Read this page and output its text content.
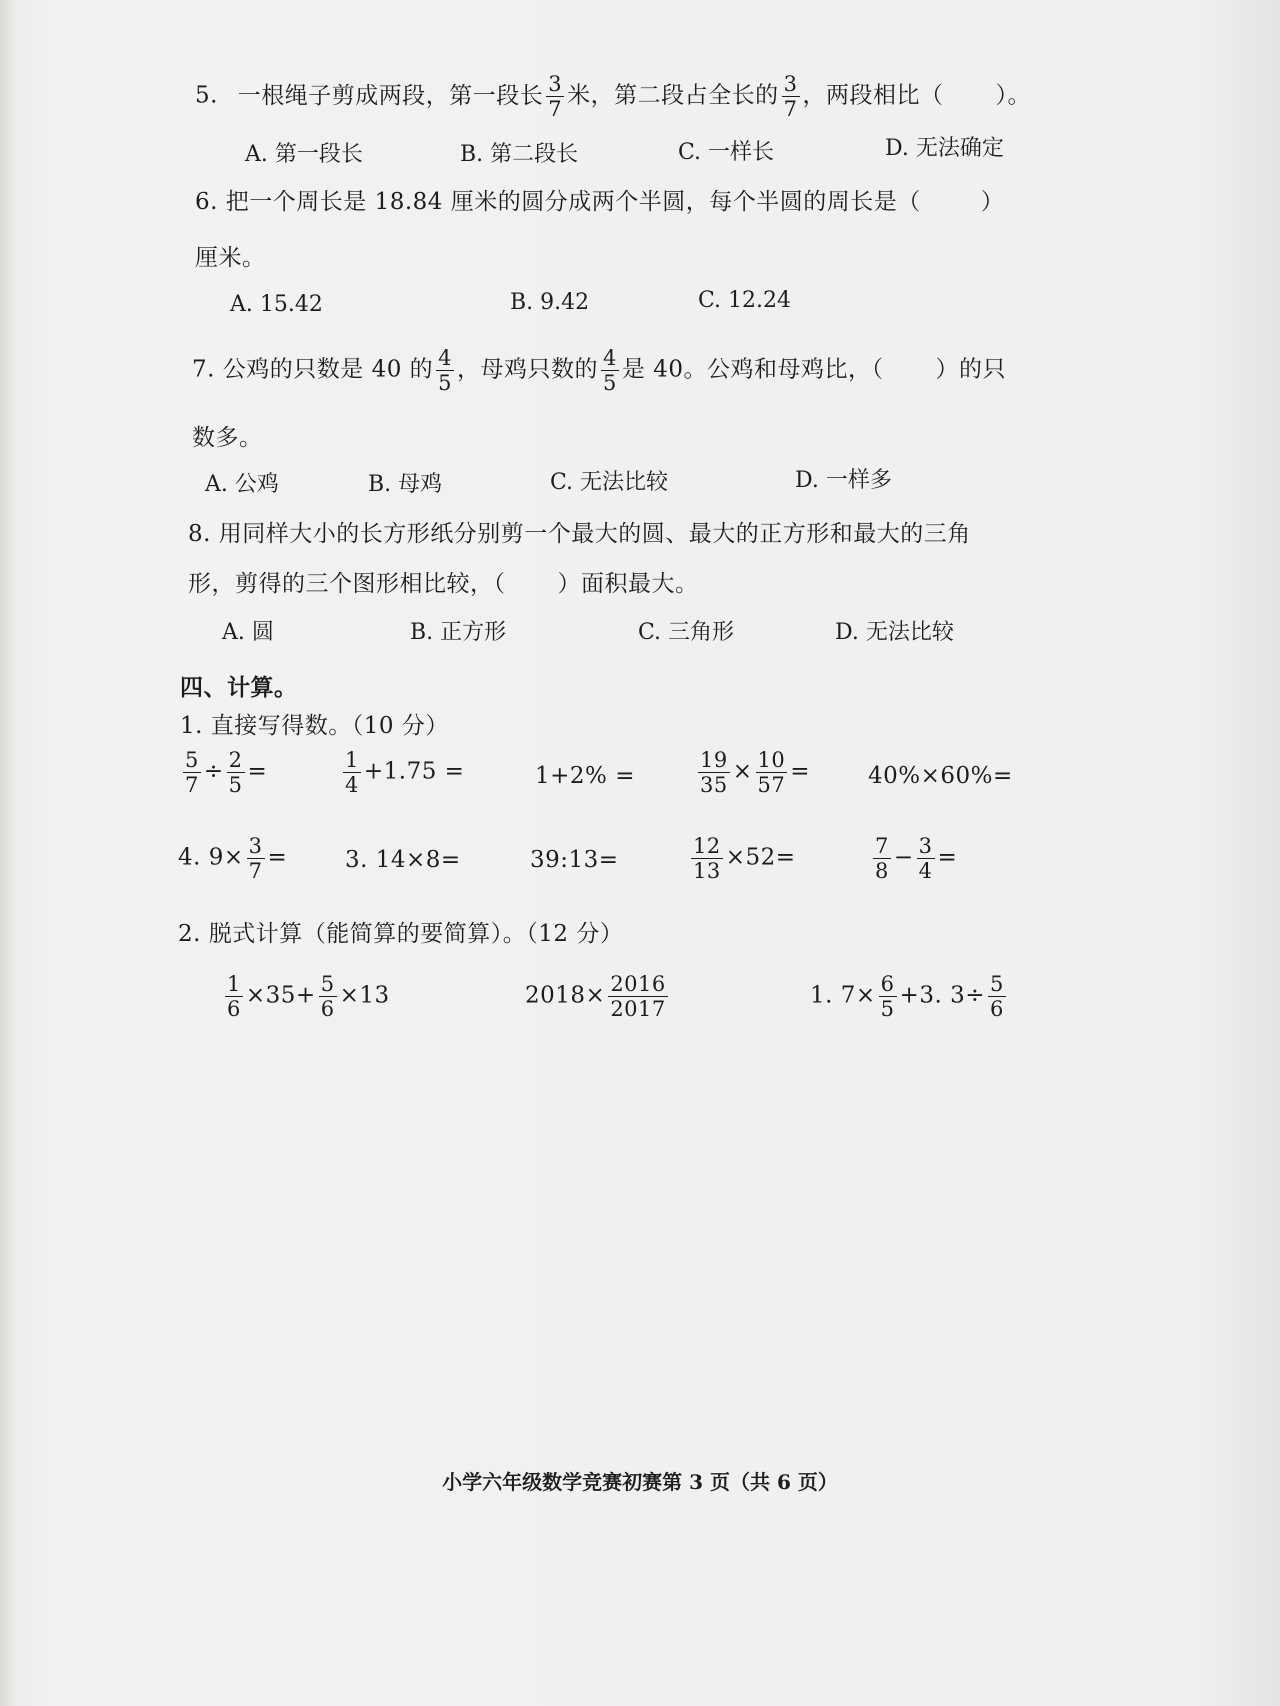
5. 一根绳子剪成两段，第一段长 $\frac{3}{7}$ 米，第二段占全长的 $\frac{3}{7}$ ，两段相比（ ）。
A. 第一段长	B. 第二段长	C. 一样长	D. 无法确定
6. 把一个周长是 18.84 厘米的圆分成两个半圆，每个半圆的周长是（	）
厘米。
A. 15.42	B. 9.42	C. 12.24
7. 公鸡的只数是 40 的 $\frac{4}{5}$ ，母鸡只数的 $\frac{4}{5}$ 是 40。公鸡和母鸡比，（ ）的只
数多。
A. 公鸡	B. 母鸡	C. 无法比较	D. 一样多
8. 用同样大小的长方形纸分别剪一个最大的圆、最大的正方形和最大的三角
形，剪得的三个图形相比较，（ ）面积最大。
A. 圆	B. 正方形	C. 三角形	D. 无法比较
四、计算。
1. 直接写得数。（10 分）
$\frac{5}{7} \div \frac{2}{5}$ =	$\frac{1}{4} +1.75$ =	1+2% =	$\frac{19}{35} \times \frac{10}{57}$ =	40%×60%=
4. $9\times \frac{3}{7}$ =	3. 14×8=	39:13=	$\frac{12}{13} \times 52=$	$\frac{7}{8} - \frac{3}{4}$ =
2. 脱式计算（能简算的要简算）。（12 分）
$\frac{1}{6} \times 35+ \frac{5}{6} \times 13$	$2018\times \frac{2016}{2017}$	1. $7\times \frac{6}{5} +3$. $3\div \frac{5}{6}$
小学六年级数学竞赛初赛第 3 页（共 6 页）
